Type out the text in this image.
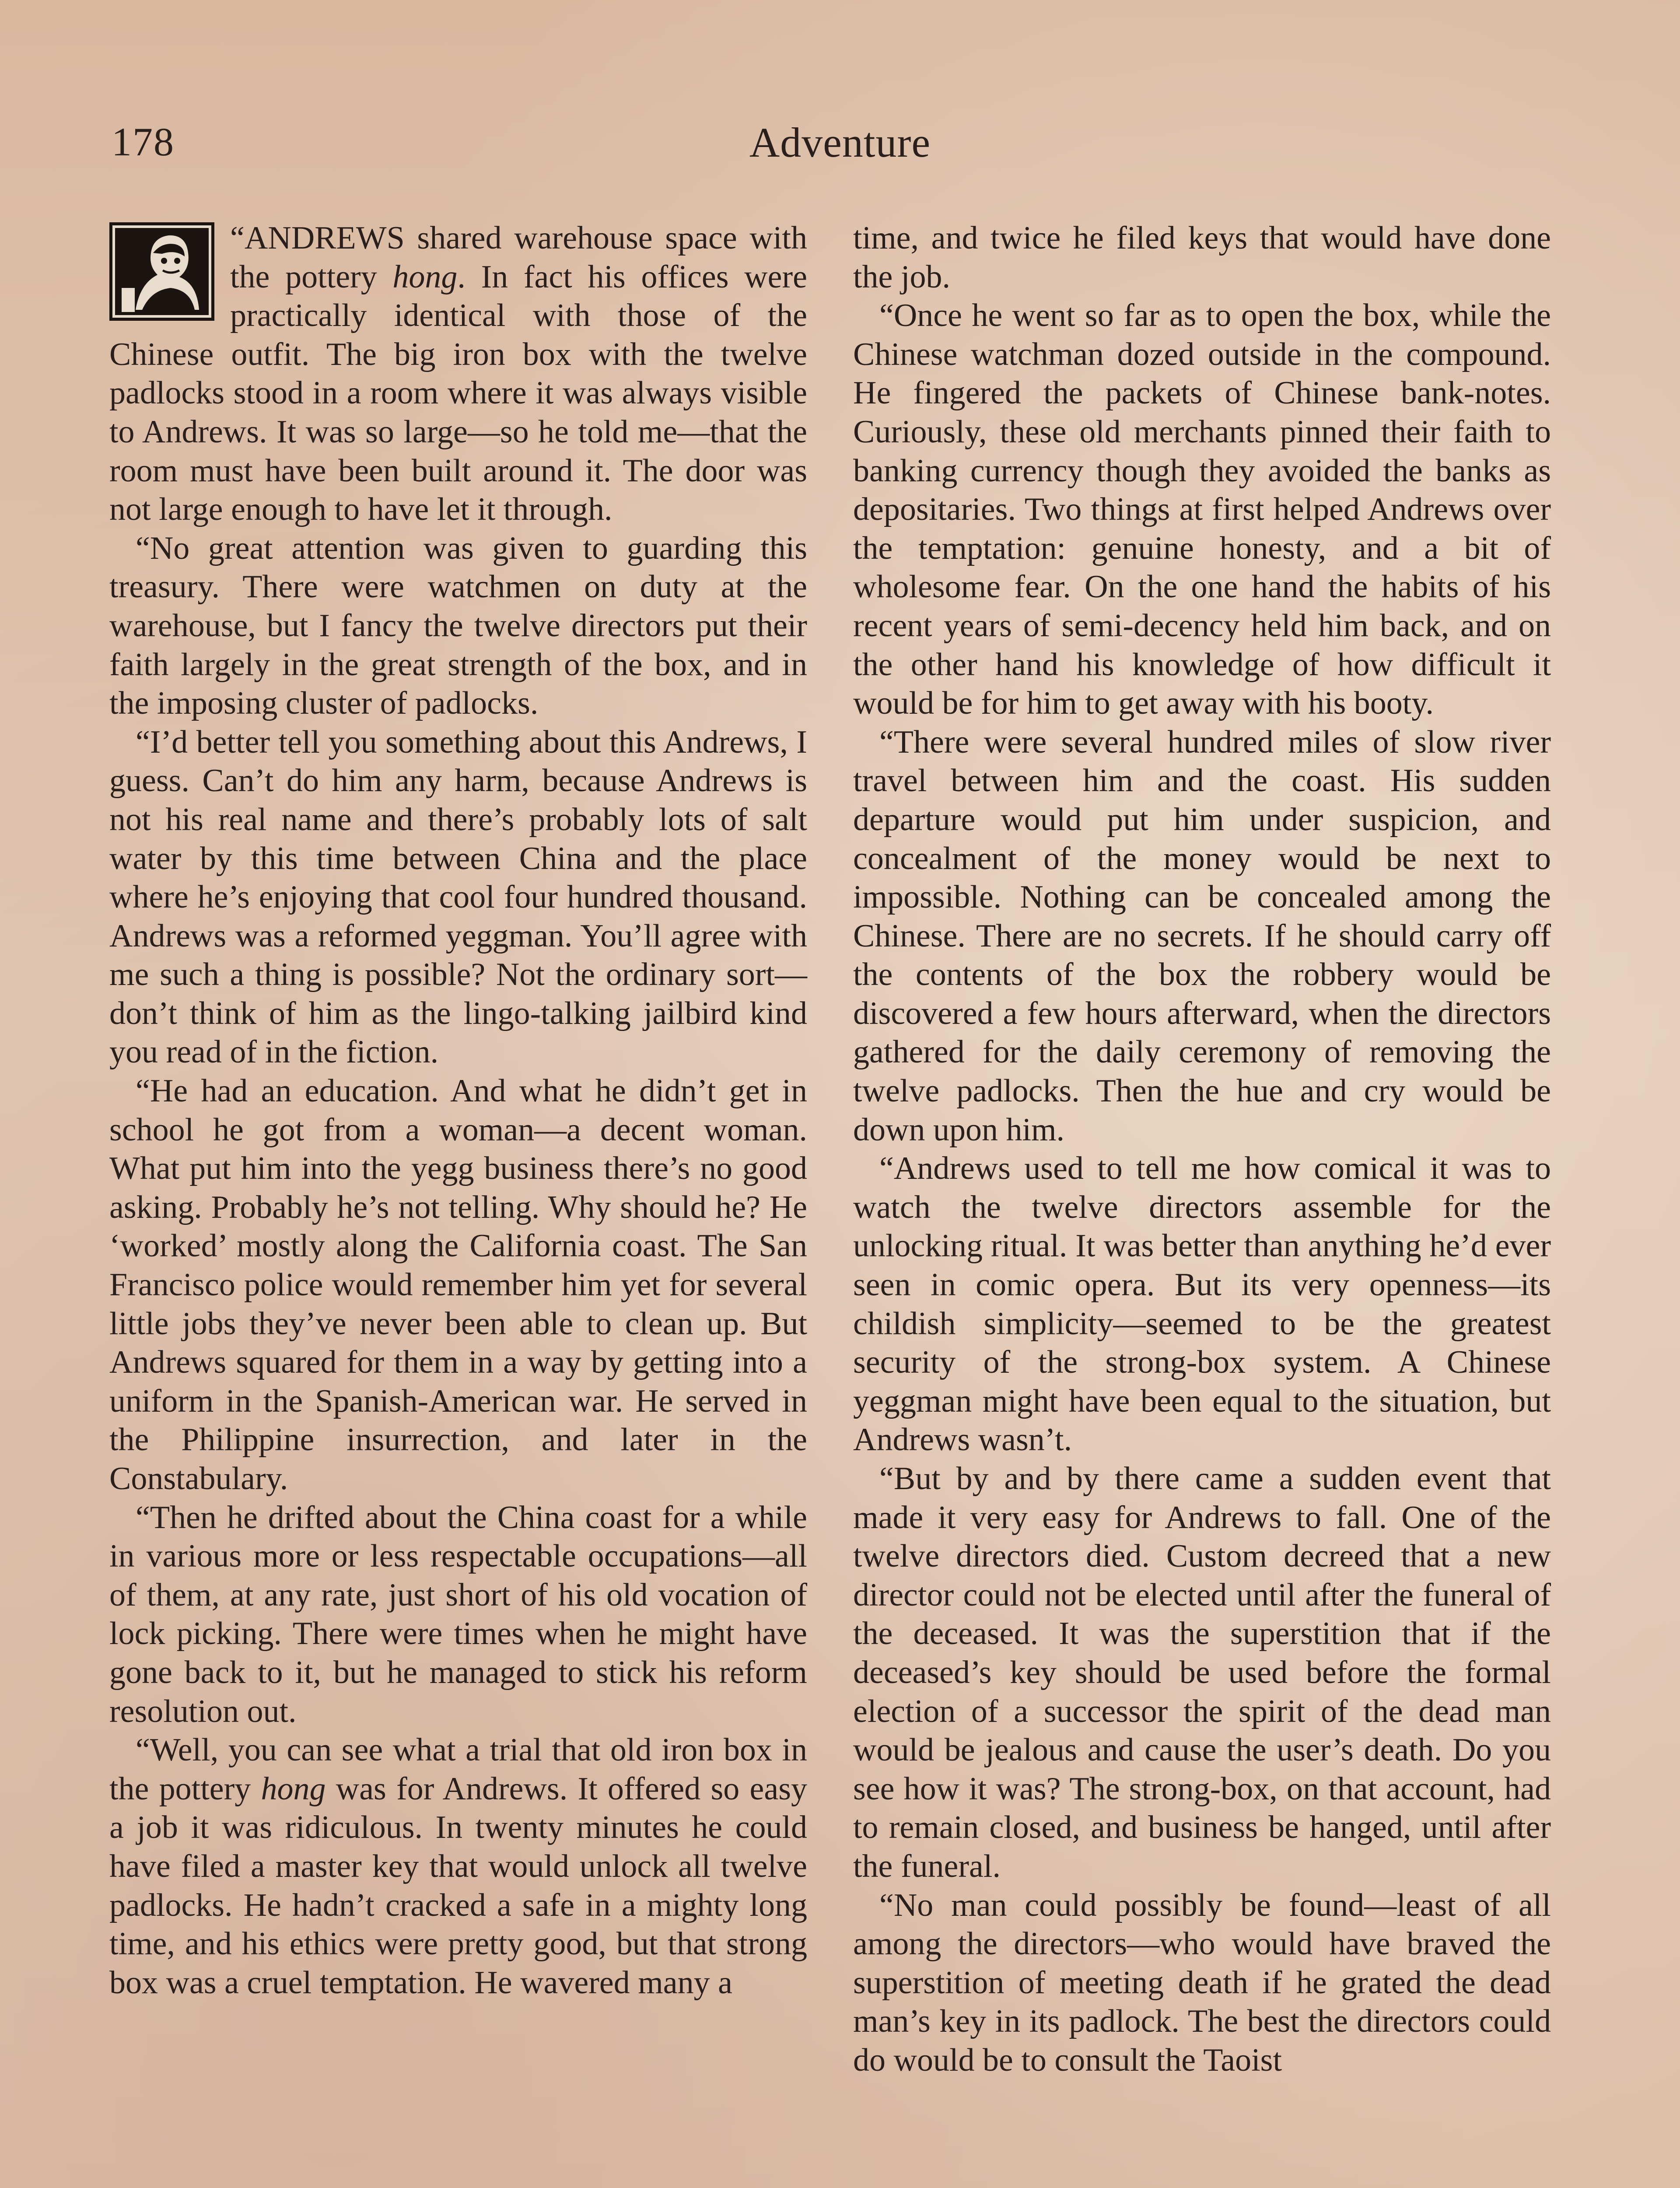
178	Adventure

“ANDREWS shared warehouse space with the pottery hong. In fact his offices were practically identical with those of the Chinese outfit. The big iron box with the twelve padlocks stood in a room where it was always visible to Andrews. It was so large—so he told me—that the room must have been built around it. The door was not large enough to have let it through.

“No great attention was given to guarding this treasury. There were watchmen on duty at the warehouse, but I fancy the twelve directors put their faith largely in the great strength of the box, and in the imposing cluster of padlocks.

“I’d better tell you something about this Andrews, I guess. Can’t do him any harm, because Andrews is not his real name and there’s probably lots of salt water by this time between China and the place where he’s enjoying that cool four hundred thousand. Andrews was a reformed yeggman. You’ll agree with me such a thing is possible? Not the ordinary sort—don’t think of him as the lingo-talking jailbird kind you read of in the fiction.

“He had an education. And what he didn’t get in school he got from a woman—a decent woman. What put him into the yegg business there’s no good asking. Probably he’s not telling. Why should he? He ‘worked’ mostly along the California coast. The San Francisco police would remember him yet for several little jobs they’ve never been able to clean up. But Andrews squared for them in a way by getting into a uniform in the Spanish-American war. He served in the Philippine insurrection, and later in the Constabulary.

“Then he drifted about the China coast for a while in various more or less respectable occupations—all of them, at any rate, just short of his old vocation of lock picking. There were times when he might have gone back to it, but he managed to stick his reform resolution out.

“Well, you can see what a trial that old iron box in the pottery hong was for Andrews. It offered so easy a job it was ridiculous. In twenty minutes he could have filed a master key that would unlock all twelve padlocks. He hadn’t cracked a safe in a mighty long time, and his ethics were pretty good, but that strong box was a cruel temptation. He wavered many a

time, and twice he filed keys that would have done the job.

“Once he went so far as to open the box, while the Chinese watchman dozed outside in the compound. He fingered the packets of Chinese bank-notes. Curiously, these old merchants pinned their faith to banking currency though they avoided the banks as depositaries. Two things at first helped Andrews over the temptation: genuine honesty, and a bit of wholesome fear. On the one hand the habits of his recent years of semi-decency held him back, and on the other hand his knowledge of how difficult it would be for him to get away with his booty.

“There were several hundred miles of slow river travel between him and the coast. His sudden departure would put him under suspicion, and concealment of the money would be next to impossible. Nothing can be concealed among the Chinese. There are no secrets. If he should carry off the contents of the box the robbery would be discovered a few hours afterward, when the directors gathered for the daily ceremony of removing the twelve padlocks. Then the hue and cry would be down upon him.

“Andrews used to tell me how comical it was to watch the twelve directors assemble for the unlocking ritual. It was better than anything he’d ever seen in comic opera. But its very openness—its childish simplicity—seemed to be the greatest security of the strong-box system. A Chinese yeggman might have been equal to the situation, but Andrews wasn’t.

“But by and by there came a sudden event that made it very easy for Andrews to fall. One of the twelve directors died. Custom decreed that a new director could not be elected until after the funeral of the deceased. It was the superstition that if the deceased’s key should be used before the formal election of a successor the spirit of the dead man would be jealous and cause the user’s death. Do you see how it was? The strong-box, on that account, had to remain closed, and business be hanged, until after the funeral.

“No man could possibly be found—least of all among the directors—who would have braved the superstition of meeting death if he grated the dead man’s key in its padlock. The best the directors could do would be to consult the Taoist
